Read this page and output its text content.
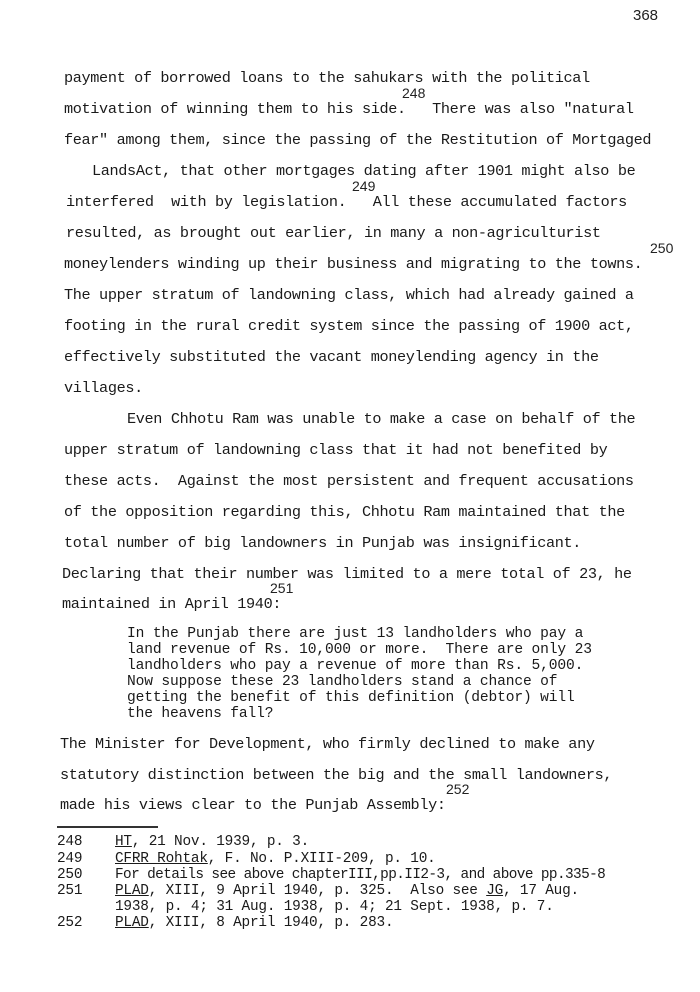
368
payment of borrowed loans to the sahukars with the political
248
motivation of winning them to his side.   There was also "natural
fear" among them, since the passing of the Restitution of Mortgaged
LandsAct, that other mortgages dating after 1901 might also be
249
interfered  with by legislation.   All these accumulated factors
resulted, as brought out earlier, in many a non-agriculturist
250
moneylenders winding up their business and migrating to the towns.
The upper stratum of landowning class, which had already gained a
footing in the rural credit system since the passing of 1900 act,
effectively substituted the vacant moneylending agency in the
villages.
Even Chhotu Ram was unable to make a case on behalf of the
upper stratum of landowning class that it had not benefited by
these acts.  Against the most persistent and frequent accusations
of the opposition regarding this, Chhotu Ram maintained that the
total number of big landowners in Punjab was insignificant.
Declaring that their number was limited to a mere total of 23, he
251
maintained in April 1940:
In the Punjab there are just 13 landholders who pay a
land revenue of Rs. 10,000 or more.  There are only 23
landholders who pay a revenue of more than Rs. 5,000.
Now suppose these 23 landholders stand a chance of
getting the benefit of this definition (debtor) will
the heavens fall?
The Minister for Development, who firmly declined to make any
statutory distinction between the big and the small landowners,
252
made his views clear to the Punjab Assembly:
248 HT, 21 Nov. 1939, p. 3.
249 CFRR Rohtak, F. No. P.XIII-209, p. 10.
250 For details see above chapterIII,pp.II2-3, and above pp.335-8
251 PLAD, XIII, 9 April 1940, p. 325.  Also see JG, 17 Aug.
1938, p. 4; 31 Aug. 1938, p. 4; 21 Sept. 1938, p. 7.
252 PLAD, XIII, 8 April 1940, p. 283.
